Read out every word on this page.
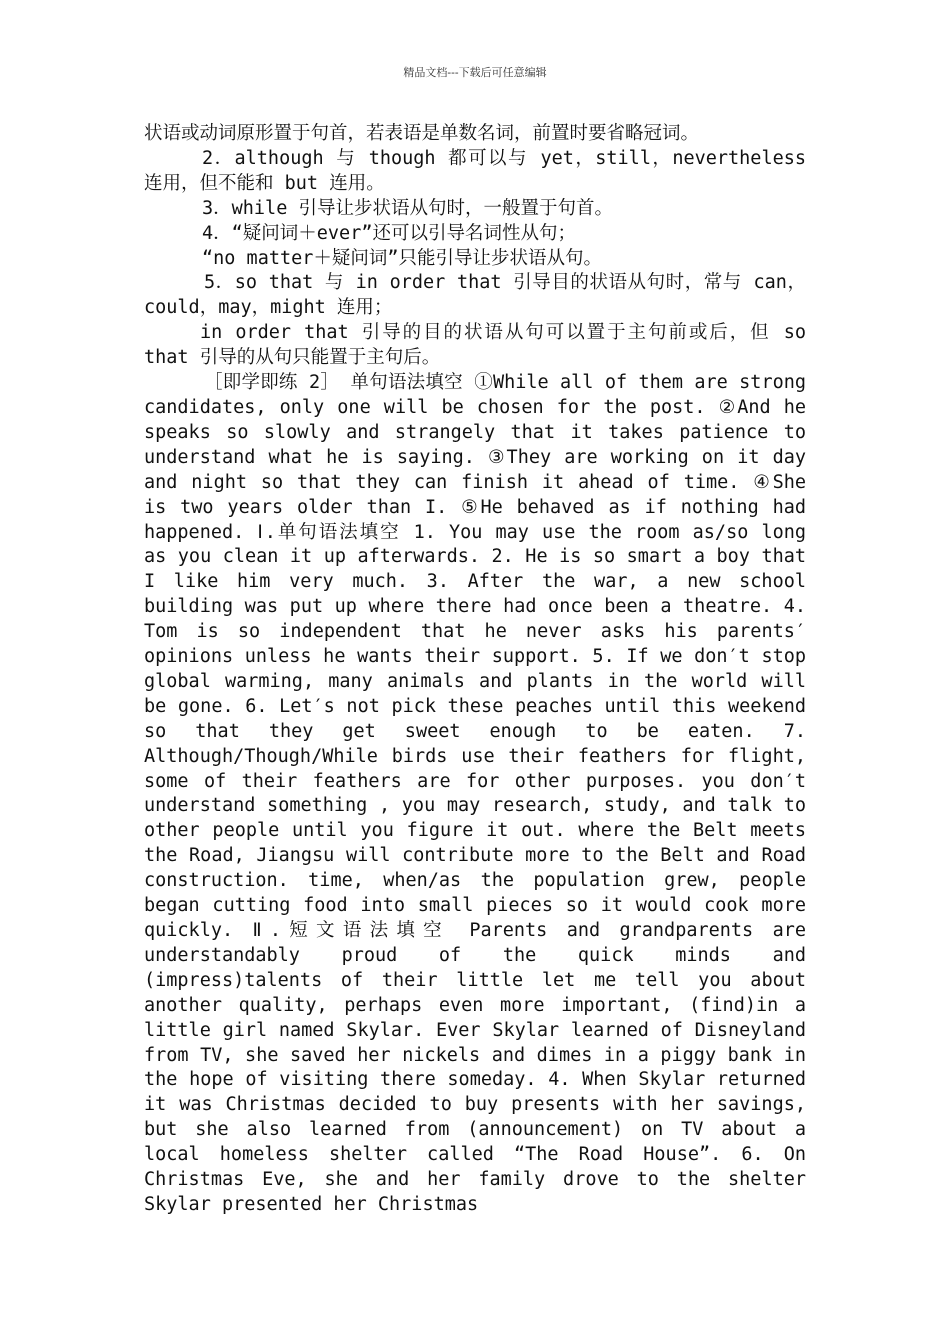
精品文档---下载后可任意编辑

状语或动词原形置于句首，若表语是单数名词，前置时要省略冠词。

2．although 与 though 都可以与 yet，still，nevertheless 连用，但不能和 but 连用。

3．while 引导让步状语从句时，一般置于句首。

4．“疑问词＋ever”还可以引导名词性从句；

“no matter＋疑问词”只能引导让步状语从句。

5．so that 与 in order that 引导目的状语从句时，常与 can，could，may，might 连用；

in order that 引导的目的状语从句可以置于主句前或后，但 so that 引导的从句只能置于主句后。

［即学即练 2］ 单句语法填空 ①While all of them are strong candidates, only one will be chosen for the post. ②And he speaks so slowly and strangely that it takes patience to understand what he is saying. ③They are working on it day and night so that they can finish it ahead of time. ④She is two years older than I. ⑤He behaved as if nothing had happened. Ⅰ.单句语法填空 1. You may use the room as/so long as you clean it up afterwards. 2. He is so smart a boy that I like him very much. 3. After the war, a new school building was put up where there had once been a theatre. 4. Tom is so independent that he never asks his parents′ opinions unless he wants their support. 5. If we don′t stop global warming, many animals and plants in the world will be gone. 6. Let′s not pick these peaches until this weekend so that they get sweet enough to be eaten. 7. Although/Though/While birds use their feathers for flight, some of their feathers are for other purposes. you don′t understand something , you may research, study, and talk to other people until you figure it out. where the Belt meets the Road, Jiangsu will contribute more to the Belt and Road construction. time, when/as the population grew, people began cutting food into small pieces so it would cook more quickly. Ⅱ.短文语法填空 Parents and grandparents are understandably proud of the quick minds and (impress)talents of their little let me tell you about another quality, perhaps even more important, (find)in a little girl named Skylar. Ever Skylar learned of Disneyland from TV, she saved her nickels and dimes in a piggy bank in the hope of visiting there someday. 4. When Skylar returned it was Christmas decided to buy presents with her savings, but she also learned from (announcement) on TV about a local homeless shelter called “The Road House”. 6. On Christmas Eve, she and her family drove to the shelter Skylar presented her Christmas
